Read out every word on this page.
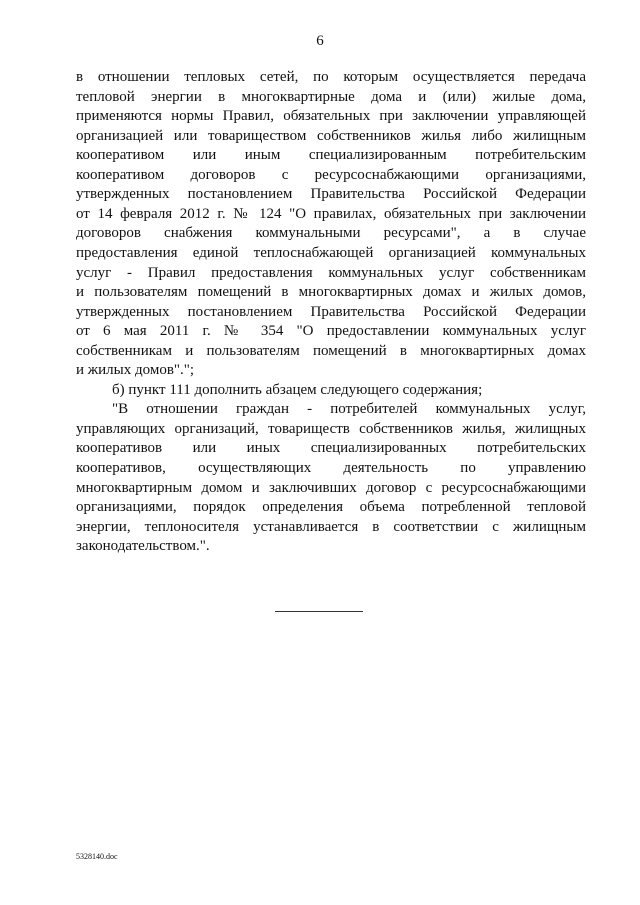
6
в отношении тепловых сетей, по которым осуществляется передача
тепловой энергии в многоквартирные дома и (или) жилые дома,
применяются нормы Правил, обязательных при заключении управляющей
организацией или товариществом собственников жилья либо жилищным
кооперативом или иным специализированным потребительским
кооперативом договоров с ресурсоснабжающими организациями,
утвержденных постановлением Правительства Российской Федерации
от 14 февраля 2012 г. № 124 "О правилах, обязательных при заключении
договоров снабжения коммунальными ресурсами", а в случае
предоставления единой теплоснабжающей организацией коммунальных
услуг - Правил предоставления коммунальных услуг собственникам
и пользователям помещений в многоквартирных домах и жилых домов,
утвержденных постановлением Правительства Российской Федерации
от 6 мая 2011 г. № 354 "О предоставлении коммунальных услуг
собственникам и пользователям помещений в многоквартирных домах
и жилых домов".";
б) пункт 111 дополнить абзацем следующего содержания;
"В отношении граждан - потребителей коммунальных услуг,
управляющих организаций, товариществ собственников жилья, жилищных
кооперативов или иных специализированных потребительских
кооперативов, осуществляющих деятельность по управлению
многоквартирным домом и заключивших договор с ресурсоснабжающими
организациями, порядок определения объема потребленной тепловой
энергии, теплоносителя устанавливается в соответствии с жилищным
законодательством.".
5328140.doc
